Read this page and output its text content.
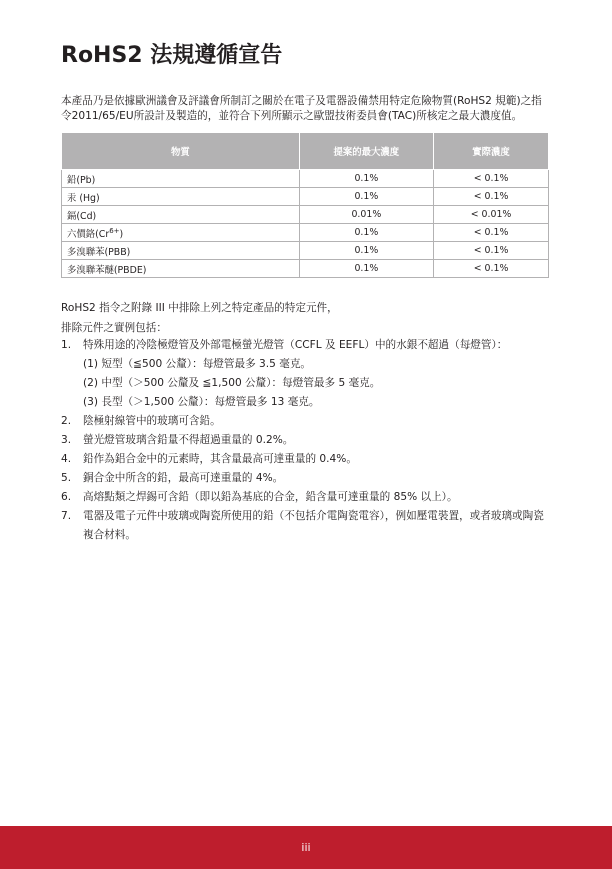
RoHS2 法規遵循宣告
本產品乃是依據歐洲議會及評議會所制訂之關於在電子及電器設備禁用特定危險物質(RoHS2 規範)之指令2011/65/EU所設計及製造的，並符合下列所顯示之歐盟技術委員會(TAC)所核定之最大濃度值。
物質	提案的最大濃度	實際濃度
鉛(Pb)	0.1%	< 0.1%
汞 (Hg)	0.1%	< 0.1%
鎘(Cd)	0.01%	< 0.01%
六價鉻$(Cr^{6+})$	0.1%	< 0.1%
多溴聯苯(PBB)	0.1%	< 0.1%
多溴聯苯醚(PBDE)	0.1%	< 0.1%

RoHS2 指令之附錄 III 中排除上列之特定產品的特定元件，

排除元件之實例包括：

1. 特殊用途的冷陰極燈管及外部電極螢光燈管（CCFL 及 EEFL）中的水銀不超過（每燈管）：
(1) 短型（≦500 公釐）：每燈管最多 3.5 毫克。
(2) 中型（＞500 公釐及 ≦1,500 公釐）：每燈管最多 5 毫克。
(3) 長型（＞1,500 公釐）：每燈管最多 13 毫克。
2. 陰極射線管中的玻璃可含鉛。
3. 螢光燈管玻璃含鉛量不得超過重量的 0.2%。
4. 鉛作為鋁合金中的元素時，其含量最高可達重量的 0.4%。
5. 銅合金中所含的鉛，最高可達重量的 4%。
6. 高熔點類之焊錫可含鉛（即以鉛為基底的合金，鉛含量可達重量的 85% 以上）。
7. 電器及電子元件中玻璃或陶瓷所使用的鉛（不包括介電陶瓷電容），例如壓電裝置，或者玻璃或陶瓷複合材料。
iii
